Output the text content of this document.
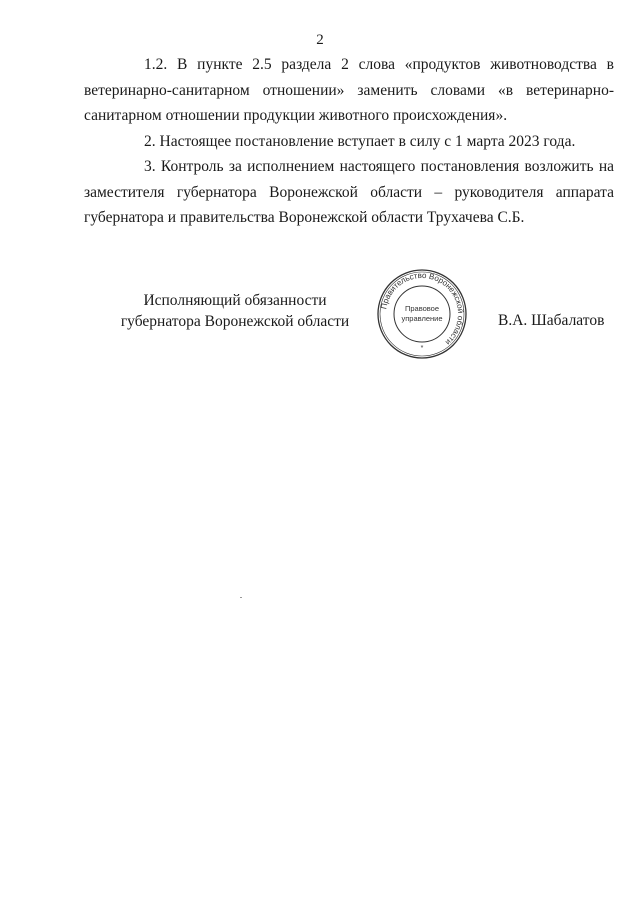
2

1.2. В пункте 2.5 раздела 2 слова «продуктов животноводства в ветеринарно-санитарном отношении» заменить словами «в ветеринарно-санитарном отношении продукции животного происхождения».

2. Настоящее постановление вступает в силу с 1 марта 2023 года.

3. Контроль за исполнением настоящего постановления возложить на заместителя губернатора Воронежской области – руководителя аппарата губернатора и правительства Воронежской области Трухачева С.Б.

Исполняющий обязанности
губернатора Воронежской области
Правительство Воронежской области
Правовое
управление
*
В.А. Шабалатов
